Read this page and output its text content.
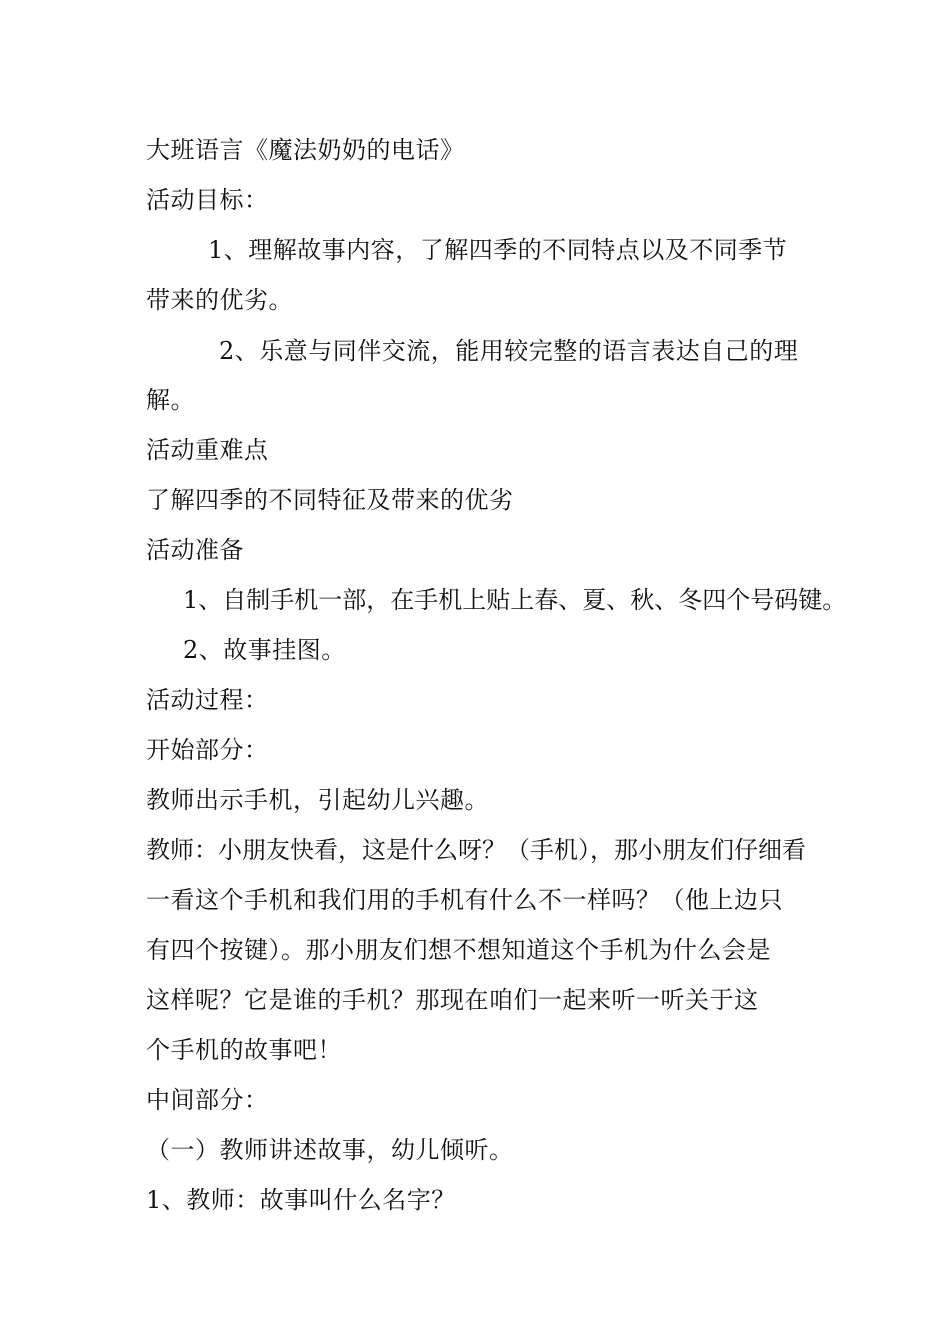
大班语言《魔法奶奶的电话》
活动目标：
1、理解故事内容，了解四季的不同特点以及不同季节
带来的优劣。
2、乐意与同伴交流，能用较完整的语言表达自己的理
解。
活动重难点
了解四季的不同特征及带来的优劣
活动准备
1、自制手机一部，在手机上贴上春、夏、秋、冬四个号码键。
2、故事挂图。
活动过程：
开始部分：
教师出示手机，引起幼儿兴趣。
教师：小朋友快看，这是什么呀？（手机），那小朋友们仔细看
一看这个手机和我们用的手机有什么不一样吗？（他上边只
有四个按键）。那小朋友们想不想知道这个手机为什么会是
这样呢？它是谁的手机？那现在咱们一起来听一听关于这
个手机的故事吧！
中间部分：
（一）教师讲述故事，幼儿倾听。
1、教师：故事叫什么名字？
